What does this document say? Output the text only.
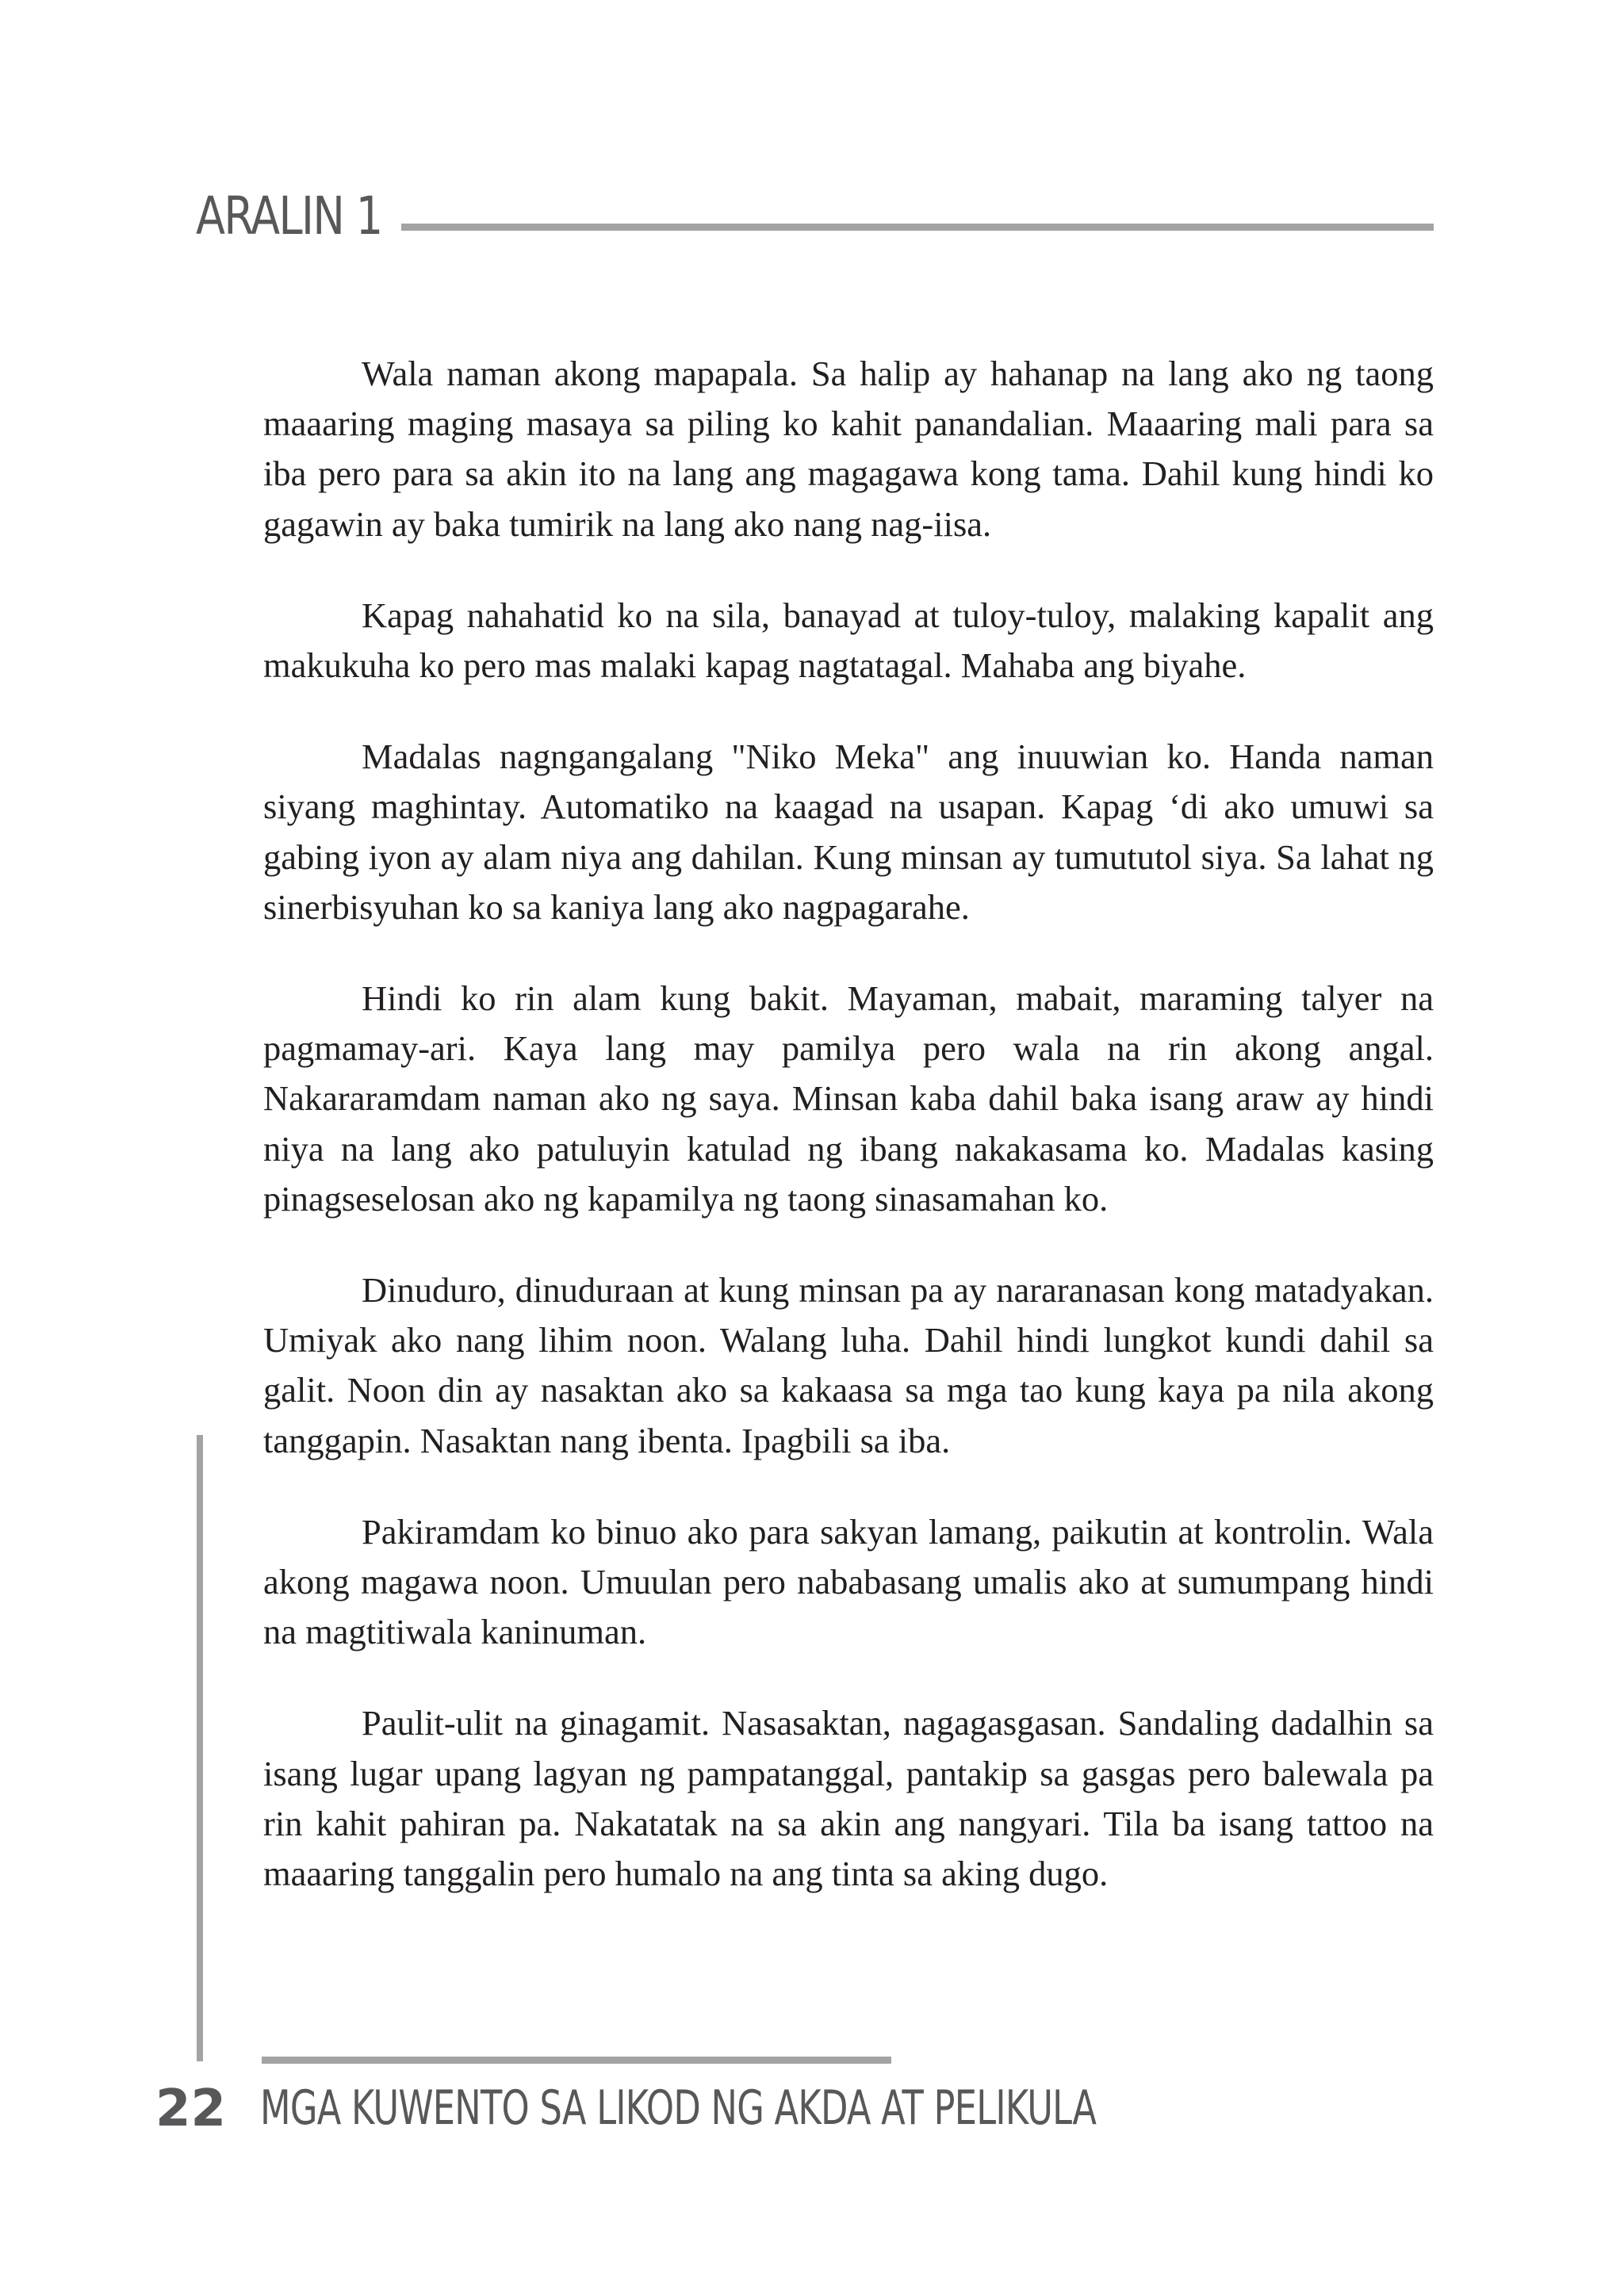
ARALIN 1

Wala naman akong mapapala. Sa halip ay hahanap na lang ako ng taong maaaring maging masaya sa piling ko kahit panandalian. Maaaring mali para sa iba pero para sa akin ito na lang ang magagawa kong tama. Dahil kung hindi ko gagawin ay baka tumirik na lang ako nang nag-iisa.

Kapag nahahatid ko na sila, banayad at tuloy-tuloy, malaking kapalit ang makukuha ko pero mas malaki kapag nagtatagal. Mahaba ang biyahe.

Madalas nagngangalang "Niko Meka" ang inuuwian ko. Handa naman siyang maghintay. Automatiko na kaagad na usapan. Kapag ‘di ako umuwi sa gabing iyon ay alam niya ang dahilan. Kung minsan ay tumututol siya. Sa lahat ng sinerbisyuhan ko sa kaniya lang ako nagpagarahe.

Hindi ko rin alam kung bakit. Mayaman, mabait, maraming talyer na pagmamay-ari. Kaya lang may pamilya pero wala na rin akong angal. Nakararamdam naman ako ng saya. Minsan kaba dahil baka isang araw ay hindi niya na lang ako patuluyin katulad ng ibang nakakasama ko. Madalas kasing pinagseselosan ako ng kapamilya ng taong sinasamahan ko.

Dinuduro, dinuduraan at kung minsan pa ay nararanasan kong matadyakan. Umiyak ako nang lihim noon. Walang luha. Dahil hindi lungkot kundi dahil sa galit. Noon din ay nasaktan ako sa kakaasa sa mga tao kung kaya pa nila akong tanggapin. Nasaktan nang ibenta. Ipagbili sa iba.

Pakiramdam ko binuo ako para sakyan lamang, paikutin at kontrolin. Wala akong magawa noon. Umuulan pero nababasang umalis ako at sumumpang hindi na magtitiwala kaninuman.

Paulit-ulit na ginagamit. Nasasaktan, nagagasgasan. Sandaling dadalhin sa isang lugar upang lagyan ng pampatanggal, pantakip sa gasgas pero balewala pa rin kahit pahiran pa. Nakatatak na sa akin ang nangyari. Tila ba isang tattoo na maaaring tanggalin pero humalo na ang tinta sa aking dugo.

22 MGA KUWENTO SA LIKOD NG AKDA AT PELIKULA
